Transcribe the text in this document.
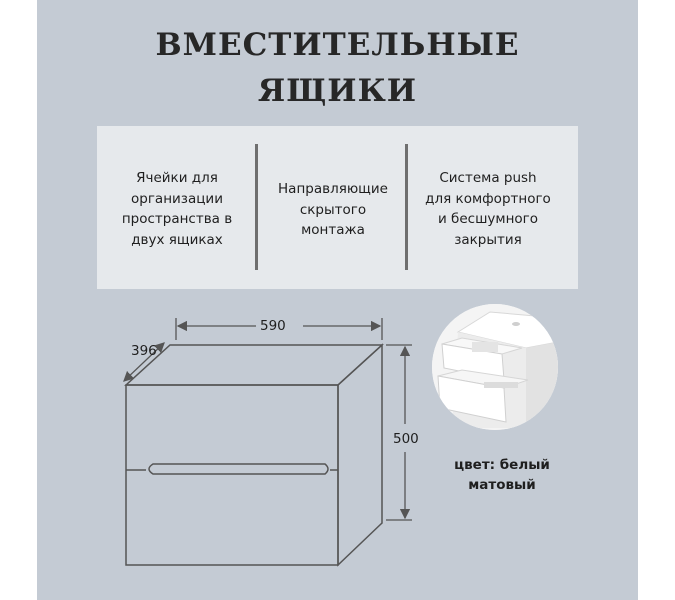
ВМЕСТИТЕЛЬНЫЕ
ЯЩИКИ
Ячейки для
организации
пространства в
двух ящиках
Направляющие
скрытого
монтажа
Система push
для комфортного
и бесшумного
закрытия
590
396
500
цвет: белый
матовый
